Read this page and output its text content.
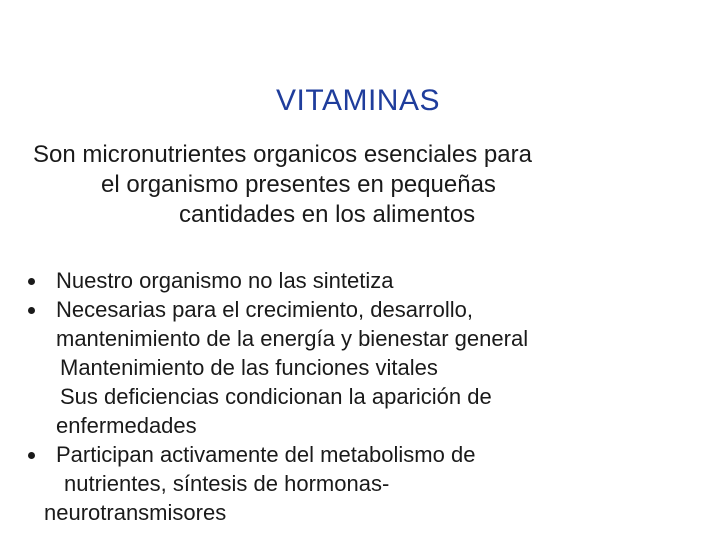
VITAMINAS
Son micronutrientes organicos esenciales para
el organismo presentes en pequeñas
cantidades en los alimentos
Nuestro organismo no las sintetiza
Necesarias para el crecimiento, desarrollo,
mantenimiento de la energía y bienestar general
Mantenimiento de las funciones vitales
Sus deficiencias condicionan la aparición de
enfermedades
Participan activamente del metabolismo de
nutrientes, síntesis de hormonas-
neurotransmisores
